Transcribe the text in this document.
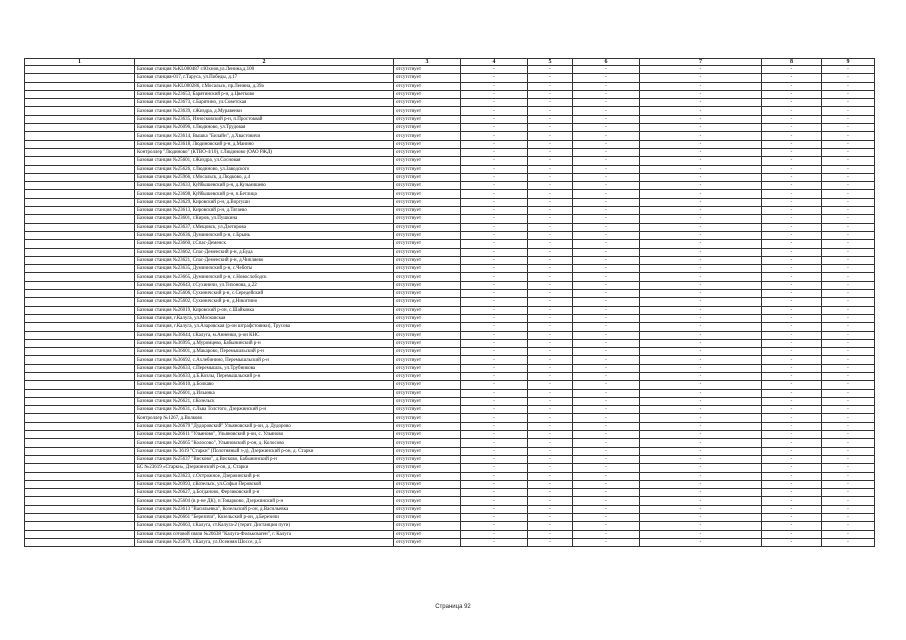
1	2	3	4	5	6	7	8	9
	Базовая станция №KL000487 г.Юхнов,ул.Ленина,д.100	отсутствует	-	-	-	-	-	-
	Базовая станция-017, г.Таруса, ул.Победы, д.17	отсутствует	-	-	-	-	-	-
	Базовая станция №KL000286, г.Мосальск, пр.Ленина, д.39а	отсутствует	-	-	-	-	-	-
	Базовая станция №23653, Барятинский р-н, д.Цветково	отсутствует	-	-	-	-	-	-
	Базовая станция №23673, с.Барятино, ул.Советская	отсутствует	-	-	-	-	-	-
	Базовая станция №23639, г.Жиздра, д.Муравенки	отсутствует	-	-	-	-	-	-
	Базовая станция №23635, Износковский р-н, п.Простоквай	отсутствует	-	-	-	-	-	-
	Базовая станция №26096, г.Людиново, ул.Трудовая	отсутствует	-	-	-	-	-	-
	Базовая станция №23614, Вышка "Билайн", д.Хвастовичи	отсутствует	-	-	-	-	-	-
	Базовая станция №23618, Людиновский р-н, д.Манино	отсутствует	-	-	-	-	-	-
	Контроллер "Людиново" (КТВО-4/10), г.Людиново (ОАО РЖД)	отсутствует	-	-	-	-	-	-
	Базовая станция №25601, г.Жиздра, ул.Сосновая	отсутствует	-	-	-	-	-	-
	Базовая станция №25626, г.Людиново, ул.Заводского	отсутствует	-	-	-	-	-	-
	Базовая станция №25966, г.Мосальск, д.Людково, д.4	отсутствует	-	-	-	-	-	-
	Базовая станция №23633, Куйбышевский р-н, д.Кузьмишево	отсутствует	-	-	-	-	-	-
	Базовая станция №23698, Куйбышевский р-н, п.Бетлица	отсутствует	-	-	-	-	-	-
	Базовая станция №23629, Кировский р-н, д.Воргуши	отсутствует	-	-	-	-	-	-
	Базовая станция №23613, Кировский р-н, д.Тягаево	отсутствует	-	-	-	-	-	-
	Базовая станция №23601, г.Киров, ул.Пушкина	отсутствует	-	-	-	-	-	-
	Базовая станция №23637, г.Мещовск, ул.Дзетирова	отсутствует	-	-	-	-	-	-
	Базовая станция №26636, Думиничский р-н, с.Брынь	отсутствует	-	-	-	-	-	-
	Базовая станция №23660, г.Спас-Деменск	отсутствует	-	-	-	-	-	-
	Базовая станция №23662, Спас-Деменский р-н, д.Буда	отсутствует	-	-	-	-	-	-
	Базовая станция №23621, Спас-Деменский р-н, д.Чипляево	отсутствует	-	-	-	-	-	-
	Базовая станция №23635, Думиничский р-н, с.Чеботы	отсутствует	-	-	-	-	-	-
	Базовая станция №23665, Думиничский р-н, с.Новослободск	отсутствует	-	-	-	-	-	-
	Базовая станция №26643, г.Сухиничи, ул.Тихонова, д.22	отсутствует	-	-	-	-	-	-
	Базовая станция №25606, Сухиничский р-н, с.Середейский	отсутствует	-	-	-	-	-	-
	Базовая станция №25602, Сухиничский р-н, д.Никитино	отсутствует	-	-	-	-	-	-
	Базовая станция №26019, Кировский р-он, с.Шайковка	отсутствует	-	-	-	-	-	-
	Базовая станция, г.Калуга, ул.Московская	отсутствует	-	-	-	-	-	-
	Базовая станция, г.Калуга, ул.Азаровская (р-он штрафстоянки), Трусова	отсутствует	-	-	-	-	-	-
	Базовая станция №36644, г.Калуга, м.Анненки, р-он КНС	отсутствует	-	-	-	-	-	-
	Базовая станция №36995, д.Муромцево, Бабынинский р-н	отсутствует	-	-	-	-	-	-
	Базовая станция №36601, д.Макарово, Перемышльский р-н	отсутствует	-	-	-	-	-	-
	Базовая станция №36692, с.Ахлебинино, Перемышльский р-н	отсутствует	-	-	-	-	-	-
	Базовая станция №26633, с.Перемышль, ул.Трубникова	отсутствует	-	-	-	-	-	-
	Базовая станция №36633, д.Б.Козлы, Перемышльский р-н	отсутствует	-	-	-	-	-	-
	Базовая станция №36610, д.Болкаво	отсутствует	-	-	-	-	-	-
	Базовая станция №26601, д.Ильинка	отсутствует	-	-	-	-	-	-
	Базовая станция №26621, г.Козельск	отсутствует	-	-	-	-	-	-
	Базовая станция №26631, с.Льва Толстого, Дзержинский р-н	отсутствует	-	-	-	-	-	-
	Контроллер №1267, д.Волково	отсутствует	-	-	-	-	-	-
	Базовая станция №26679 "Дудоровский" Ульяновский р-он, д. Дудорово	отсутствует	-	-	-	-	-	-
	Базовая станция №26611 "Ульяново", Ульяновский р-он, с. Ульяново	отсутствует	-	-	-	-	-	-
	Базовая станция №26665 "Колосово", Ульяновский р-он, д. Колосово	отсутствует	-	-	-	-	-	-
	Базовая станция № 3619 "Старки" (Полотняный з-д), Дзержинский р-он, д. Старки	отсутствует	-	-	-	-	-	-
	Базовая станция №25637 "Висково", д.Висково, Бабынинский р-н	отсутствует	-	-	-	-	-	-
	БС №23619 «Старки», Дзержинский р-он, д. Старки	отсутствует	-	-	-	-	-	-
	Базовая станция №23623, с.Острожное, Дзержинский р-н	отсутствует	-	-	-	-	-	-
	Базовая станция №26993, г.Козельск, ул.Софьи Перовской	отсутствует	-	-	-	-	-	-
	Базовая станция №26627, д.Богданово, Ферзиковский р-н	отсутствует	-	-	-	-	-	-
	Базовая станция №25604 (в р-не ДК), п.Товарково, Дзержинский р-н	отсутствует	-	-	-	-	-	-
	Базовая станция №23613 "Васильевка", Козельский р-он, д.Васильевка	отсутствует	-	-	-	-	-	-
	Базовая станция №26661 "Березичи", Козельский р-он, д.Березичи	отсутствует	-	-	-	-	-	-
	Базовая станция №26663, г.Калуга, ст.Калуга-2 (терит. Дистанции пути)	отсутствует	-	-	-	-	-	-
	Базовая станция сотовой связи №26638 "Калуга-Фольксваген", г. Калуга	отсутствует	-	-	-	-	-	-
	Базовая станция №25679, г.Калуга, ул.Осенняя Шоссе, д.5	отсутствует	-	-	-	-	-	-
Страница 92
